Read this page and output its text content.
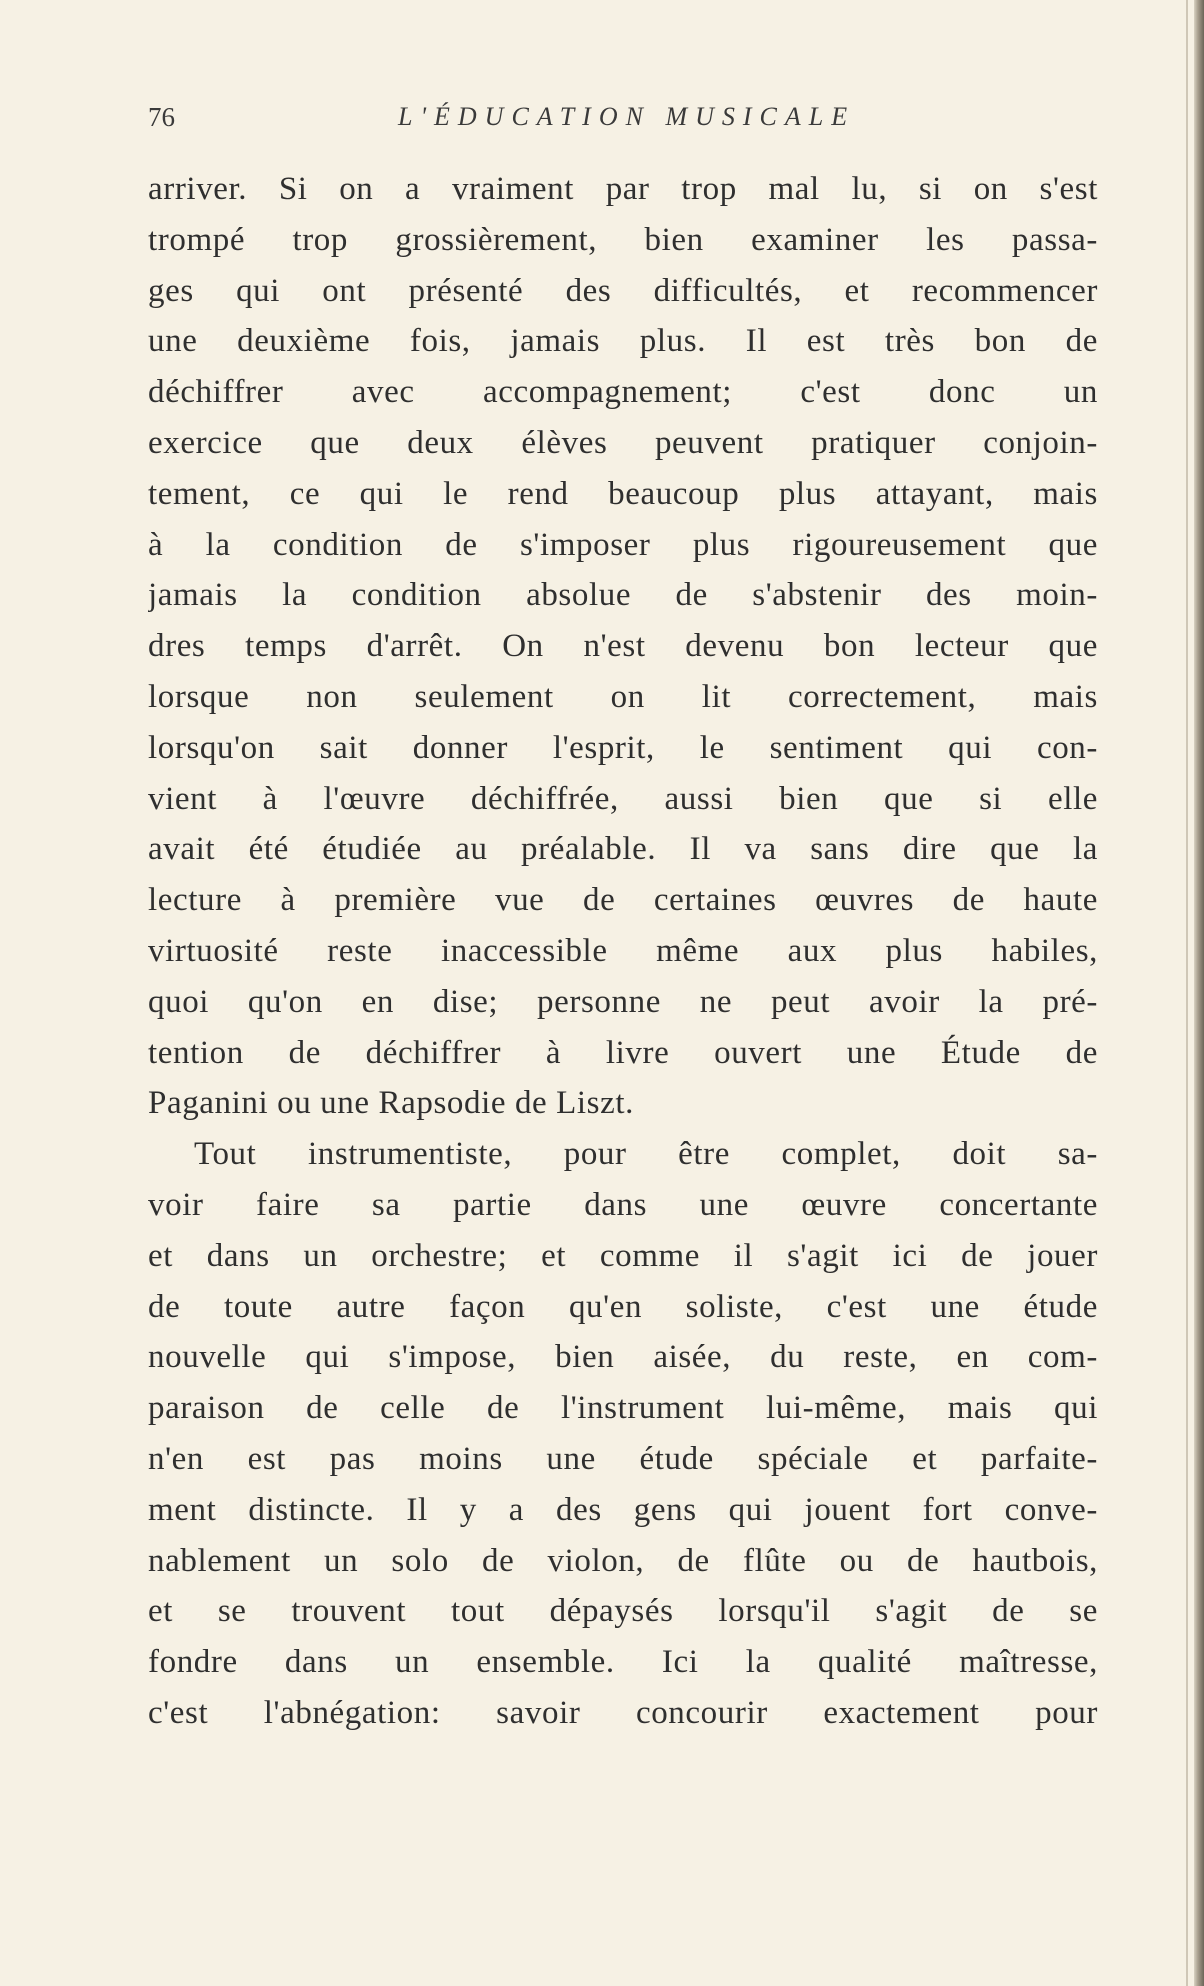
76	L'ÉDUCATION MUSICALE
arriver. Si on a vraiment par trop mal lu, si on s'est
trompé trop grossièrement, bien examiner les passa-
ges qui ont présenté des difficultés, et recommencer
une deuxième fois, jamais plus. Il est très bon de
déchiffrer avec accompagnement; c'est donc un
exercice que deux élèves peuvent pratiquer conjoin-
tement, ce qui le rend beaucoup plus attayant, mais
à la condition de s'imposer plus rigoureusement que
jamais la condition absolue de s'abstenir des moin-
dres temps d'arrêt. On n'est devenu bon lecteur que
lorsque non seulement on lit correctement, mais
lorsqu'on sait donner l'esprit, le sentiment qui con-
vient à l'œuvre déchiffrée, aussi bien que si elle
avait été étudiée au préalable. Il va sans dire que la
lecture à première vue de certaines œuvres de haute
virtuosité reste inaccessible même aux plus habiles,
quoi qu'on en dise; personne ne peut avoir la pré-
tention de déchiffrer à livre ouvert une Étude de
Paganini ou une Rapsodie de Liszt.
Tout instrumentiste, pour être complet, doit sa-
voir faire sa partie dans une œuvre concertante
et dans un orchestre; et comme il s'agit ici de jouer
de toute autre façon qu'en soliste, c'est une étude
nouvelle qui s'impose, bien aisée, du reste, en com-
paraison de celle de l'instrument lui-même, mais qui
n'en est pas moins une étude spéciale et parfaite-
ment distincte. Il y a des gens qui jouent fort conve-
nablement un solo de violon, de flûte ou de hautbois,
et se trouvent tout dépaysés lorsqu'il s'agit de se
fondre dans un ensemble. Ici la qualité maîtresse,
c'est l'abnégation: savoir concourir exactement pour
